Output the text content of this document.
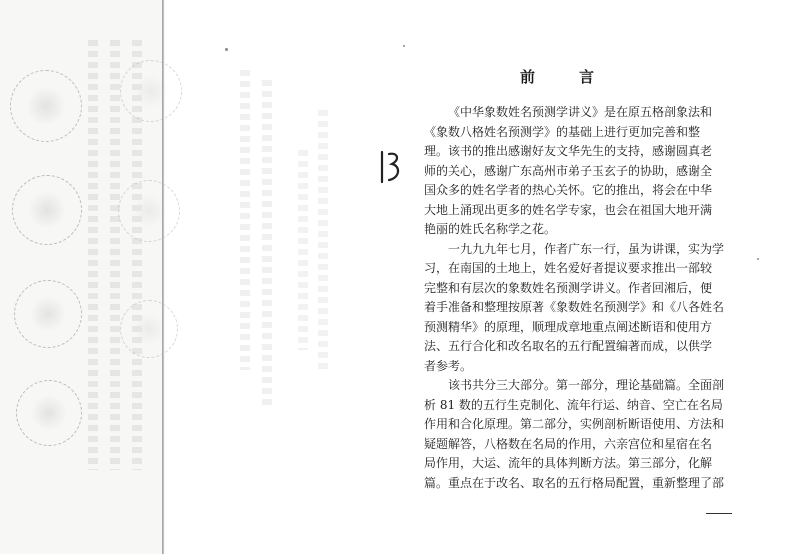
前	言
《中华象数姓名预测学讲义》是在原五格剖象法和
《象数八格姓名预测学》的基础上进行更加完善和整
理。该书的推出感谢好友文华先生的支持，感谢圆真老
师的关心，感谢广东高州市弟子玉玄子的协助，感谢全
国众多的姓名学者的热心关怀。它的推出，将会在中华
大地上涌现出更多的姓名学专家，也会在祖国大地开满
艳丽的姓氏名称学之花。
一九九九年七月，作者广东一行，虽为讲课，实为学
习，在南国的土地上，姓名爱好者提议要求推出一部较
完整和有层次的象数姓名预测学讲义。作者回湘后，便
着手准备和整理按原著《象数姓名预测学》和《八各姓名
预测精华》的原理，顺理成章地重点阐述断语和使用方
法、五行合化和改名取名的五行配置编著而成，以供学
者参考。
该书共分三大部分。第一部分，理论基础篇。全面剖
析 81 数的五行生克制化、流年行运、纳音、空亡在名局
作用和合化原理。第二部分，实例剖析断语使用、方法和
疑题解答，八格数在名局的作用，六亲宫位和星宿在名
局作用，大运、流年的具体判断方法。第三部分，化解
篇。重点在于改名、取名的五行格局配置，重新整理了部
